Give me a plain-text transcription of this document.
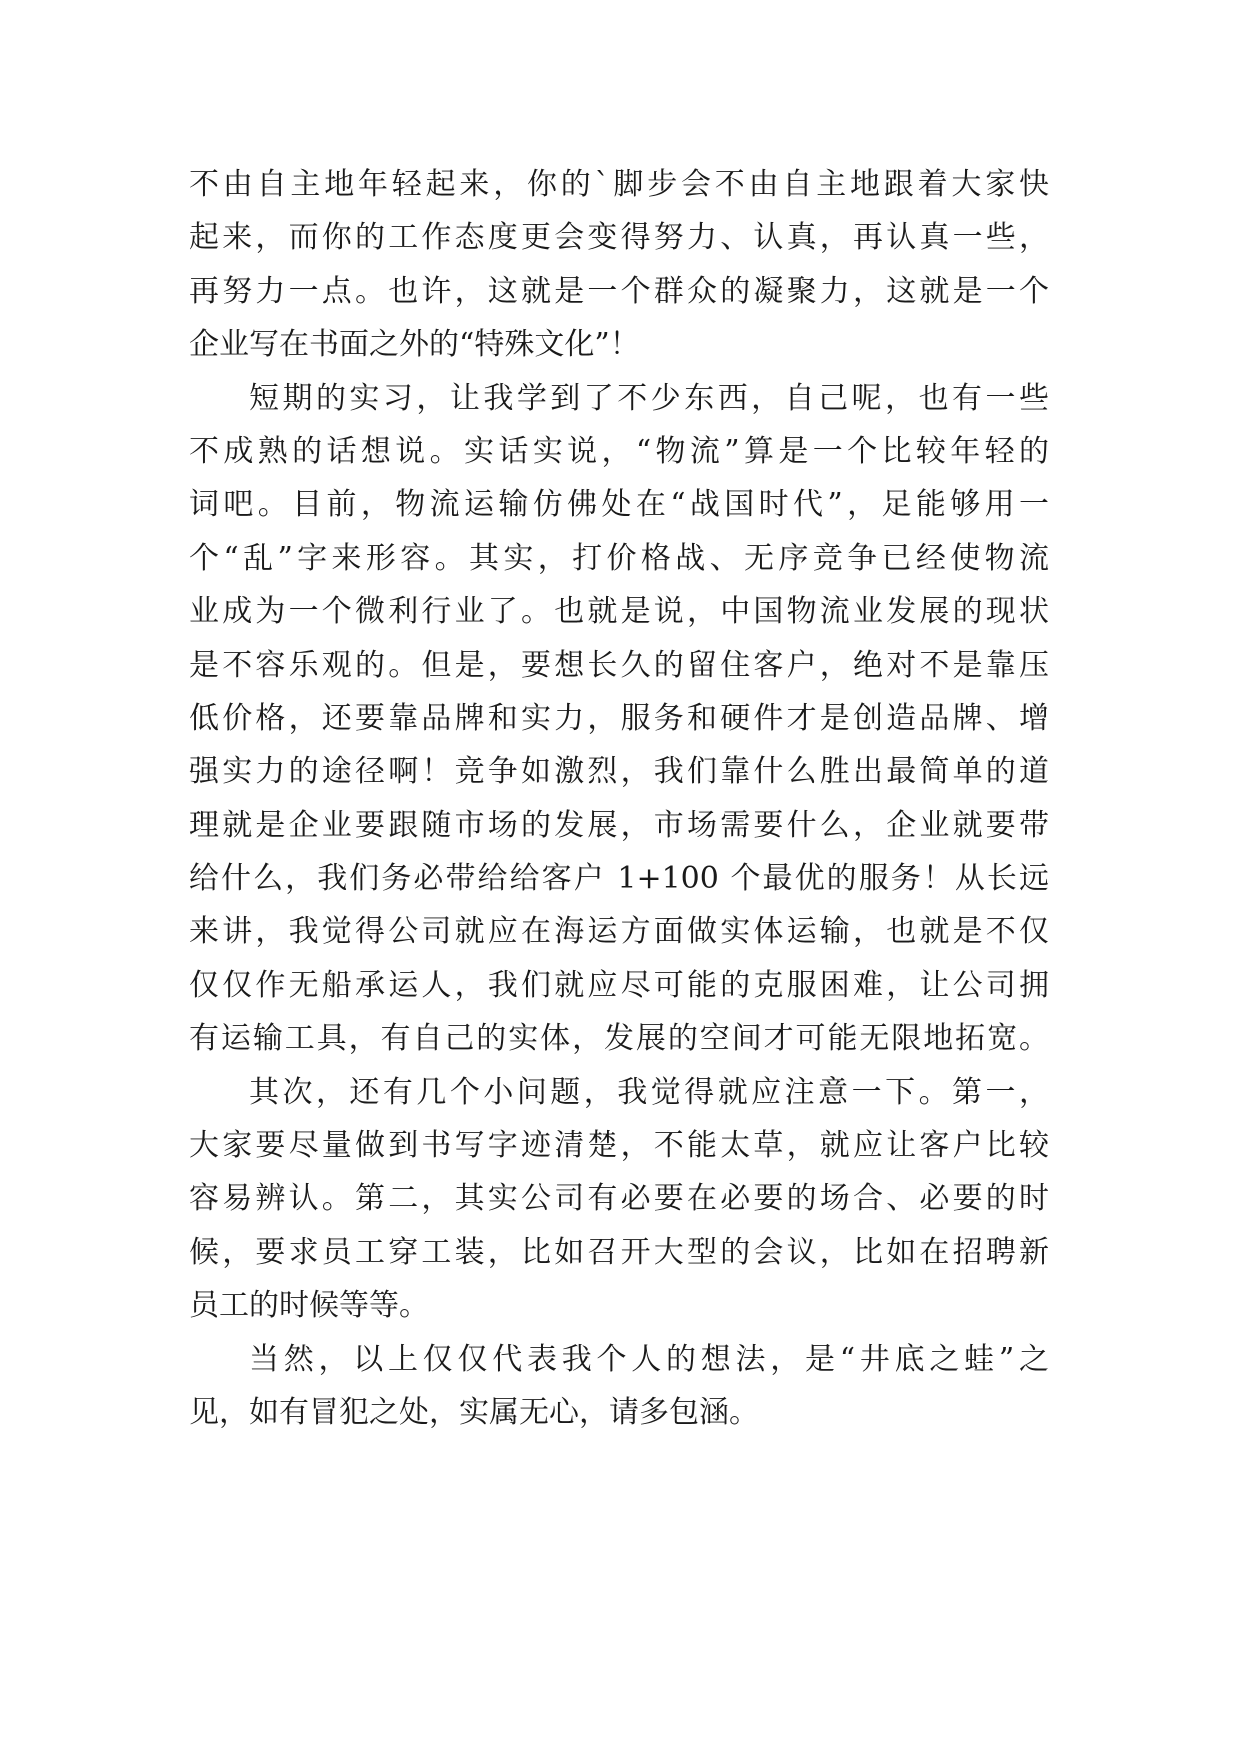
不由自主地年轻起来，你的`脚步会不由自主地跟着大家快
起来，而你的工作态度更会变得努力、认真，再认真一些，
再努力一点。也许，这就是一个群众的凝聚力，这就是一个
企业写在书面之外的“特殊文化”！
短期的实习，让我学到了不少东西，自己呢，也有一些
不成熟的话想说。实话实说，“物流”算是一个比较年轻的
词吧。目前，物流运输仿佛处在“战国时代”，足能够用一
个“乱”字来形容。其实，打价格战、无序竞争已经使物流
业成为一个微利行业了。也就是说，中国物流业发展的现状
是不容乐观的。但是，要想长久的留住客户，绝对不是靠压
低价格，还要靠品牌和实力，服务和硬件才是创造品牌、增
强实力的途径啊！竞争如激烈，我们靠什么胜出最简单的道
理就是企业要跟随市场的发展，市场需要什么，企业就要带
给什么，我们务必带给给客户 1+100 个最优的服务！从长远
来讲，我觉得公司就应在海运方面做实体运输，也就是不仅
仅仅作无船承运人，我们就应尽可能的克服困难，让公司拥
有运输工具，有自己的实体，发展的空间才可能无限地拓宽。
其次，还有几个小问题，我觉得就应注意一下。第一，
大家要尽量做到书写字迹清楚，不能太草，就应让客户比较
容易辨认。第二，其实公司有必要在必要的场合、必要的时
候，要求员工穿工装，比如召开大型的会议，比如在招聘新
员工的时候等等。
当然，以上仅仅代表我个人的想法，是“井底之蛙”之
见，如有冒犯之处，实属无心，请多包涵。
